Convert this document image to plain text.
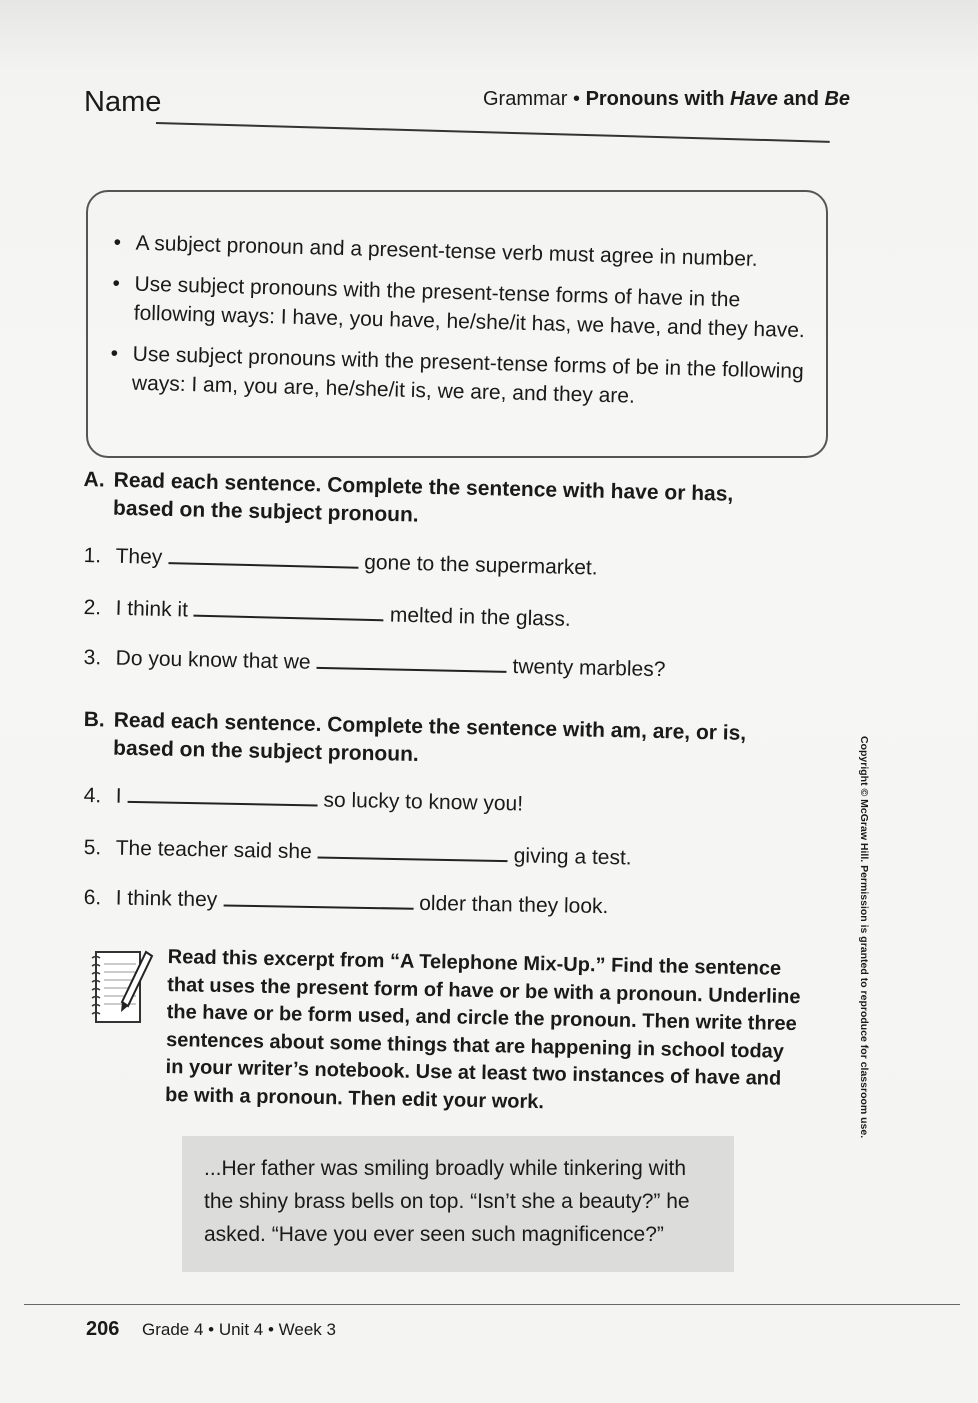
Name	Grammar • Pronouns with Have and Be
• A subject pronoun and a present-tense verb must agree in number.
• Use subject pronouns with the present-tense forms of have in the following ways: I have, you have, he/she/it has, we have, and they have.
• Use subject pronouns with the present-tense forms of be in the following ways: I am, you are, he/she/it is, we are, and they are.
A. Read each sentence. Complete the sentence with have or has, based on the subject pronoun.
1. They	gone to the supermarket.
2. I think it	melted in the glass.
3. Do you know that we	twenty marbles?
B. Read each sentence. Complete the sentence with am, are, or is, based on the subject pronoun.
4. I	so lucky to know you!
5. The teacher said she	giving a test.
6. I think they	older than they look.
Read this excerpt from “A Telephone Mix-Up.” Find the sentence that uses the present form of have or be with a pronoun. Underline the have or be form used, and circle the pronoun. Then write three sentences about some things that are happening in school today in your writer’s notebook. Use at least two instances of have and be with a pronoun. Then edit your work.
...Her father was smiling broadly while tinkering with the shiny brass bells on top. “Isn’t she a beauty?” he asked. “Have you ever seen such magnificence?”
Copyright © McGraw Hill. Permission is granted to reproduce for classroom use.
206 Grade 4 • Unit 4 • Week 3
